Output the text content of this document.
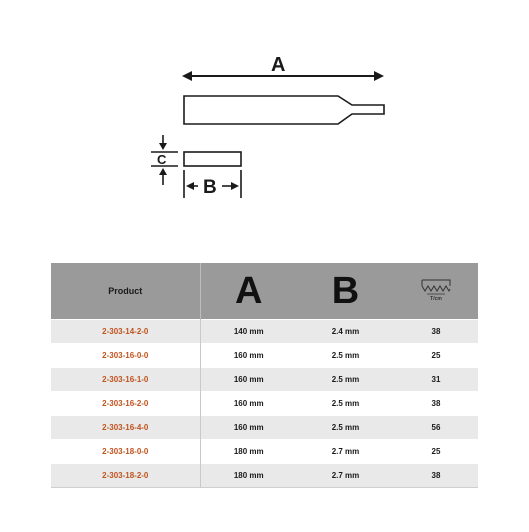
A
C
B
Product	A	B	T/cm

2-303-14-2-0	140 mm	2.4 mm	38
2-303-16-0-0	160 mm	2.5 mm	25
2-303-16-1-0	160 mm	2.5 mm	31
2-303-16-2-0	160 mm	2.5 mm	38
2-303-16-4-0	160 mm	2.5 mm	56
2-303-18-0-0	180 mm	2.7 mm	25
2-303-18-2-0	180 mm	2.7 mm	38
